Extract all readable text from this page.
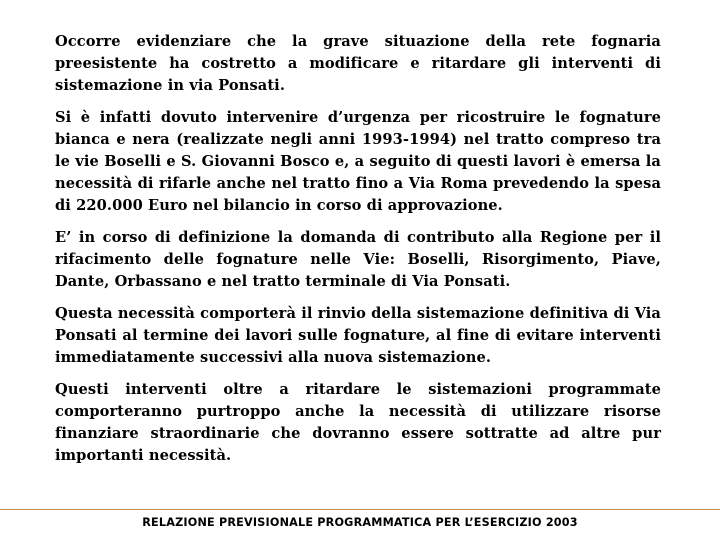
Occorre evidenziare che la grave situazione della rete fognaria preesistente ha costretto a modificare e ritardare gli interventi di sistemazione in via Ponsati.

Si è infatti dovuto intervenire d’urgenza per ricostruire le fognature bianca e nera (realizzate negli anni 1993-1994) nel tratto compreso tra le vie Boselli e S. Giovanni Bosco e, a seguito di questi lavori è emersa la necessità di rifarle anche nel tratto fino a Via Roma prevedendo la spesa di 220.000 Euro nel bilancio in corso di approvazione.

E’ in corso di definizione la domanda di contributo alla Regione per il rifacimento delle fognature nelle Vie: Boselli, Risorgimento, Piave, Dante, Orbassano e nel tratto terminale di Via Ponsati.

Questa necessità comporterà il rinvio della sistemazione definitiva di Via Ponsati al termine dei lavori sulle fognature, al fine di evitare interventi immediatamente successivi alla nuova sistemazione.

Questi interventi oltre a ritardare le sistemazioni programmate comporteranno purtroppo anche la necessità di utilizzare risorse finanziare straordinarie che dovranno essere sottratte ad altre pur importanti necessità.

RELAZIONE PREVISIONALE PROGRAMMATICA PER L’ESERCIZIO 2003
